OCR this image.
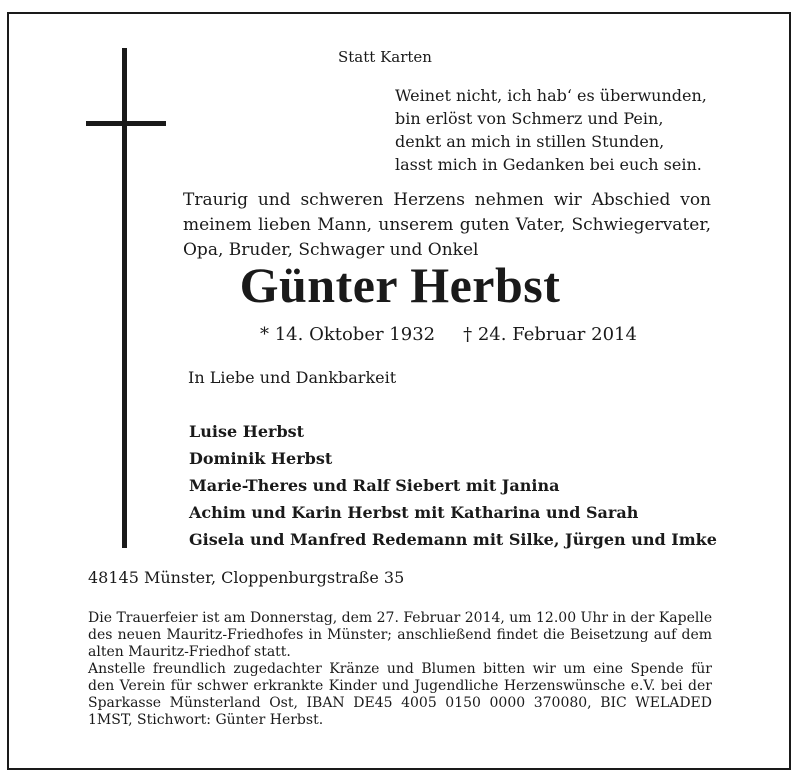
Statt Karten
Weinet nicht, ich hab‘ es überwunden,
bin erlöst von Schmerz und Pein,
denkt an mich in stillen Stunden,
lasst mich in Gedanken bei euch sein.
Traurig und schweren Herzens nehmen wir Abschied von
meinem lieben Mann, unserem guten Vater, Schwiegervater,
Opa, Bruder, Schwager und Onkel
Günter Herbst
* 14. Oktober 1932 † 24. Februar 2014
In Liebe und Dankbarkeit
Luise Herbst
Dominik Herbst
Marie-Theres und Ralf Siebert mit Janina
Achim und Karin Herbst mit Katharina und Sarah
Gisela und Manfred Redemann mit Silke, Jürgen und Imke
48145 Münster, Cloppenburgstraße 35
Die Trauerfeier ist am Donnerstag, dem 27. Februar 2014, um 12.00 Uhr in der Kapelle
des neuen Mauritz-Friedhofes in Münster; anschließend findet die Beisetzung auf dem
alten Mauritz-Friedhof statt.
Anstelle freundlich zugedachter Kränze und Blumen bitten wir um eine Spende für
den Verein für schwer erkrankte Kinder und Jugendliche Herzenswünsche e.V. bei der
Sparkasse Münsterland Ost, IBAN DE45 4005 0150 0000 370080, BIC WELADED
1MST, Stichwort: Günter Herbst.
